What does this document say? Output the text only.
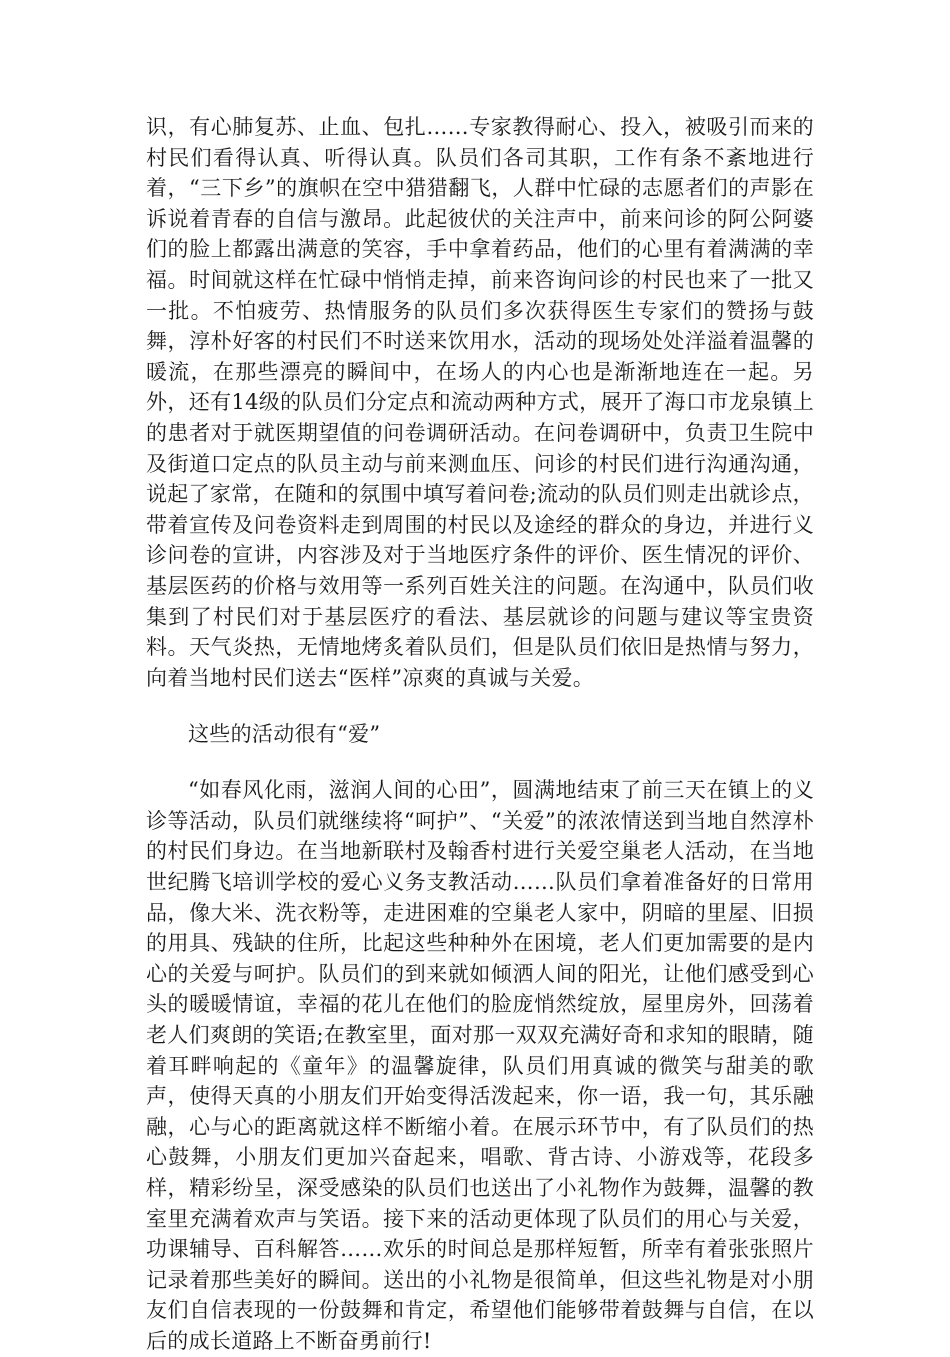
识，有心肺复苏、止血、包扎……专家教得耐心、投入，被吸引而来的村民们看得认真、听得认真。队员们各司其职，工作有条不紊地进行着，“三下乡”的旗帜在空中猎猎翻飞，人群中忙碌的志愿者们的声影在诉说着青春的自信与激昂。此起彼伏的关注声中，前来问诊的阿公阿婆们的脸上都露出满意的笑容，手中拿着药品，他们的心里有着满满的幸福。时间就这样在忙碌中悄悄走掉，前来咨询问诊的村民也来了一批又一批。不怕疲劳、热情服务的队员们多次获得医生专家们的赞扬与鼓舞，淳朴好客的村民们不时送来饮用水，活动的现场处处洋溢着温馨的暖流，在那些漂亮的瞬间中，在场人的内心也是渐渐地连在一起。另外，还有14级的队员们分定点和流动两种方式，展开了海口市龙泉镇上的患者对于就医期望值的问卷调研活动。在问卷调研中，负责卫生院中及街道口定点的队员主动与前来测血压、问诊的村民们进行沟通沟通，说起了家常，在随和的氛围中填写着问卷;流动的队员们则走出就诊点，带着宣传及问卷资料走到周围的村民以及途经的群众的身边，并进行义诊问卷的宣讲，内容涉及对于当地医疗条件的评价、医生情况的评价、基层医药的价格与效用等一系列百姓关注的问题。在沟通中，队员们收集到了村民们对于基层医疗的看法、基层就诊的问题与建议等宝贵资料。天气炎热，无情地烤炙着队员们，但是队员们依旧是热情与努力，向着当地村民们送去“医样”凉爽的真诚与关爱。

这些的活动很有“爱”

“如春风化雨，滋润人间的心田”，圆满地结束了前三天在镇上的义诊等活动，队员们就继续将“呵护”、“关爱”的浓浓情送到当地自然淳朴的村民们身边。在当地新联村及翰香村进行关爱空巢老人活动，在当地世纪腾飞培训学校的爱心义务支教活动……队员们拿着准备好的日常用品，像大米、洗衣粉等，走进困难的空巢老人家中，阴暗的里屋、旧损的用具、残缺的住所，比起这些种种外在困境，老人们更加需要的是内心的关爱与呵护。队员们的到来就如倾洒人间的阳光，让他们感受到心头的暖暖情谊，幸福的花儿在他们的脸庞悄然绽放，屋里房外，回荡着老人们爽朗的笑语;在教室里，面对那一双双充满好奇和求知的眼睛，随着耳畔响起的《童年》的温馨旋律，队员们用真诚的微笑与甜美的歌声，使得天真的小朋友们开始变得活泼起来，你一语，我一句，其乐融融，心与心的距离就这样不断缩小着。在展示环节中，有了队员们的热心鼓舞，小朋友们更加兴奋起来，唱歌、背古诗、小游戏等，花段多样，精彩纷呈，深受感染的队员们也送出了小礼物作为鼓舞，温馨的教室里充满着欢声与笑语。接下来的活动更体现了队员们的用心与关爱，功课辅导、百科解答……欢乐的时间总是那样短暂，所幸有着张张照片记录着那些美好的瞬间。送出的小礼物是很简单，但这些礼物是对小朋友们自信表现的一份鼓舞和肯定，希望他们能够带着鼓舞与自信，在以后的成长道路上不断奋勇前行!
